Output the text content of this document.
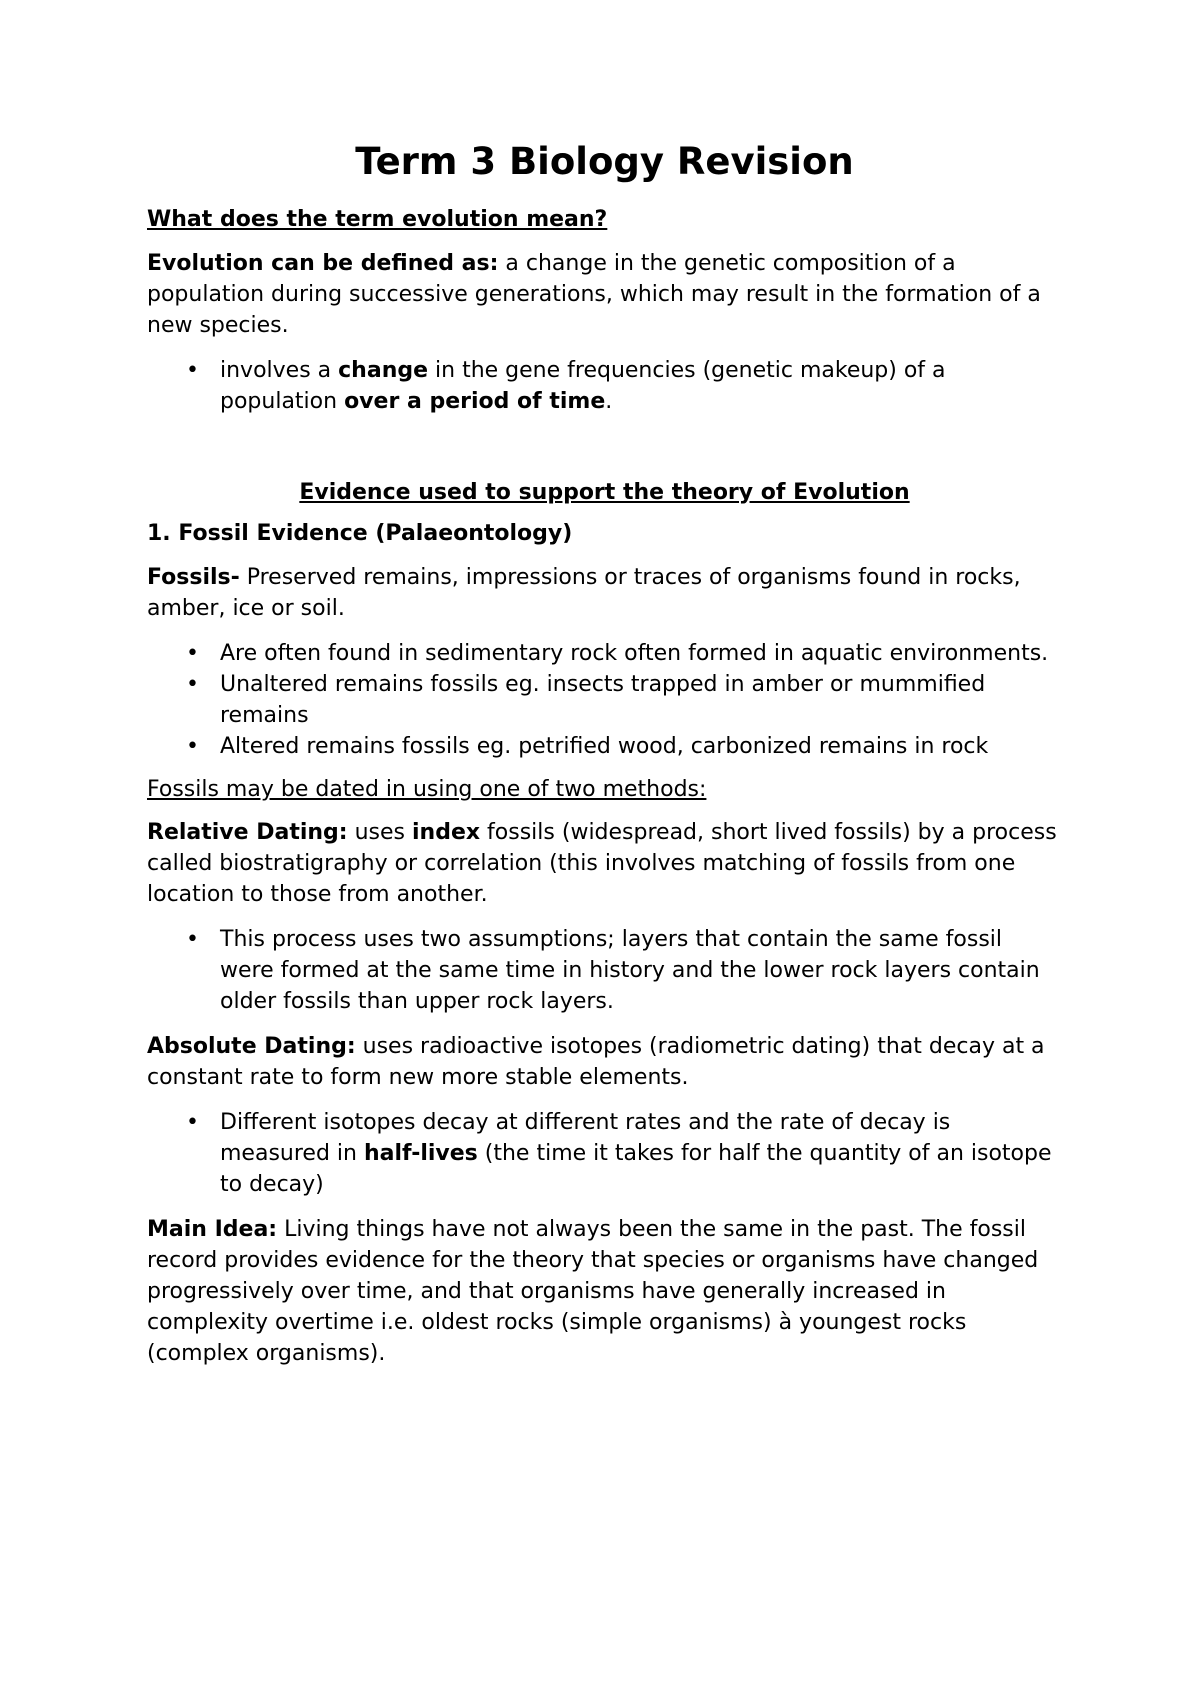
Term 3 Biology Revision
What does the term evolution mean?

Evolution can be defined as: a change in the genetic composition of a population during successive generations, which may result in the formation of a new species.

• involves a change in the gene frequencies (genetic makeup) of a population over a period of time.
Evidence used to support the theory of Evolution
1. Fossil Evidence (Palaeontology)

Fossils- Preserved remains, impressions or traces of organisms found in rocks, amber, ice or soil.

• Are often found in sedimentary rock often formed in aquatic environments.
• Unaltered remains fossils eg. insects trapped in amber or mummified remains
• Altered remains fossils eg. petrified wood, carbonized remains in rock
Fossils may be dated in using one of two methods:

Relative Dating: uses index fossils (widespread, short lived fossils) by a process called biostratigraphy or correlation (this involves matching of fossils from one location to those from another.

• This process uses two assumptions; layers that contain the same fossil were formed at the same time in history and the lower rock layers contain older fossils than upper rock layers.

Absolute Dating: uses radioactive isotopes (radiometric dating) that decay at a constant rate to form new more stable elements.

• Different isotopes decay at different rates and the rate of decay is measured in half-lives (the time it takes for half the quantity of an isotope to decay)

Main Idea: Living things have not always been the same in the past. The fossil record provides evidence for the theory that species or organisms have changed progressively over time, and that organisms have generally increased in complexity overtime i.e. oldest rocks (simple organisms) à youngest rocks (complex organisms).
